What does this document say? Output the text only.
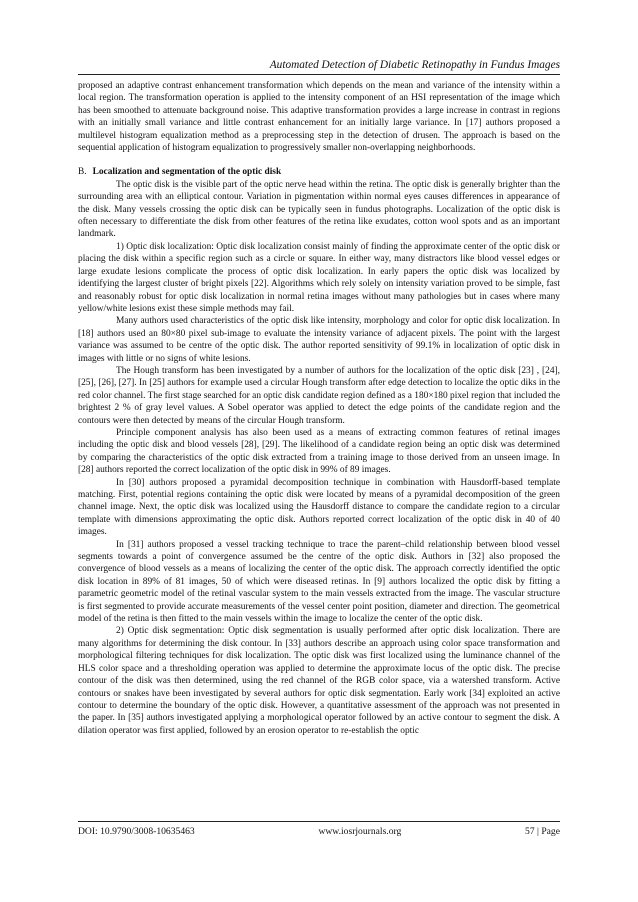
Automated Detection of Diabetic Retinopathy in Fundus Images

proposed an adaptive contrast enhancement transformation which depends on the mean and variance of the intensity within a local region. The transformation operation is applied to the intensity component of an HSI representation of the image which has been smoothed to attenuate background noise. This adaptive transformation provides a large increase in contrast in regions with an initially small variance and little contrast enhancement for an initially large variance. In [17] authors proposed a multilevel histogram equalization method as a preprocessing step in the detection of drusen. The approach is based on the sequential application of histogram equalization to progressively smaller non-overlapping neighborhoods.

B. Localization and segmentation of the optic disk

The optic disk is the visible part of the optic nerve head within the retina. The optic disk is generally brighter than the surrounding area with an elliptical contour. Variation in pigmentation within normal eyes causes differences in appearance of the disk. Many vessels crossing the optic disk can be typically seen in fundus photographs. Localization of the optic disk is often necessary to differentiate the disk from other features of the retina like exudates, cotton wool spots and as an important landmark.

1) Optic disk localization: Optic disk localization consist mainly of finding the approximate center of the optic disk or placing the disk within a specific region such as a circle or square. In either way, many distractors like blood vessel edges or large exudate lesions complicate the process of optic disk localization. In early papers the optic disk was localized by identifying the largest cluster of bright pixels [22]. Algorithms which rely solely on intensity variation proved to be simple, fast and reasonably robust for optic disk localization in normal retina images without many pathologies but in cases where many yellow/white lesions exist these simple methods may fail.

Many authors used characteristics of the optic disk like intensity, morphology and color for optic disk localization. In [18] authors used an 80×80 pixel sub-image to evaluate the intensity variance of adjacent pixels. The point with the largest variance was assumed to be centre of the optic disk. The author reported sensitivity of 99.1% in localization of optic disk in images with little or no signs of white lesions.

The Hough transform has been investigated by a number of authors for the localization of the optic disk [23] , [24], [25], [26], [27]. In [25] authors for example used a circular Hough transform after edge detection to localize the optic diks in the red color channel. The first stage searched for an optic disk candidate region defined as a 180×180 pixel region that included the brightest 2 % of gray level values. A Sobel operator was applied to detect the edge points of the candidate region and the contours were then detected by means of the circular Hough transform.

Principle component analysis has also been used as a means of extracting common features of retinal images including the optic disk and blood vessels [28], [29]. The likelihood of a candidate region being an optic disk was determined by comparing the characteristics of the optic disk extracted from a training image to those derived from an unseen image. In [28] authors reported the correct localization of the optic disk in 99% of 89 images.

In [30] authors proposed a pyramidal decomposition technique in combination with Hausdorff-based template matching. First, potential regions containing the optic disk were located by means of a pyramidal decomposition of the green channel image. Next, the optic disk was localized using the Hausdorff distance to compare the candidate region to a circular template with dimensions approximating the optic disk. Authors reported correct localization of the optic disk in 40 of 40 images.

In [31] authors proposed a vessel tracking technique to trace the parent–child relationship between blood vessel segments towards a point of convergence assumed be the centre of the optic disk. Authors in [32] also proposed the convergence of blood vessels as a means of localizing the center of the optic disk. The approach correctly identified the optic disk location in 89% of 81 images, 50 of which were diseased retinas. In [9] authors localized the optic disk by fitting a parametric geometric model of the retinal vascular system to the main vessels extracted from the image. The vascular structure is first segmented to provide accurate measurements of the vessel center point position, diameter and direction. The geometrical model of the retina is then fitted to the main vessels within the image to localize the center of the optic disk.

2) Optic disk segmentation: Optic disk segmentation is usually performed after optic disk localization. There are many algorithms for determining the disk contour. In [33] authors describe an approach using color space transformation and morphological filtering techniques for disk localization. The optic disk was first localized using the luminance channel of the HLS color space and a thresholding operation was applied to determine the approximate locus of the optic disk. The precise contour of the disk was then determined, using the red channel of the RGB color space, via a watershed transform. Active contours or snakes have been investigated by several authors for optic disk segmentation. Early work [34] exploited an active contour to determine the boundary of the optic disk. However, a quantitative assessment of the approach was not presented in the paper. In [35] authors investigated applying a morphological operator followed by an active contour to segment the disk. A dilation operator was first applied, followed by an erosion operator to re-establish the optic

DOI: 10.9790/3008-10635463	www.iosrjournals.org	57 | Page
